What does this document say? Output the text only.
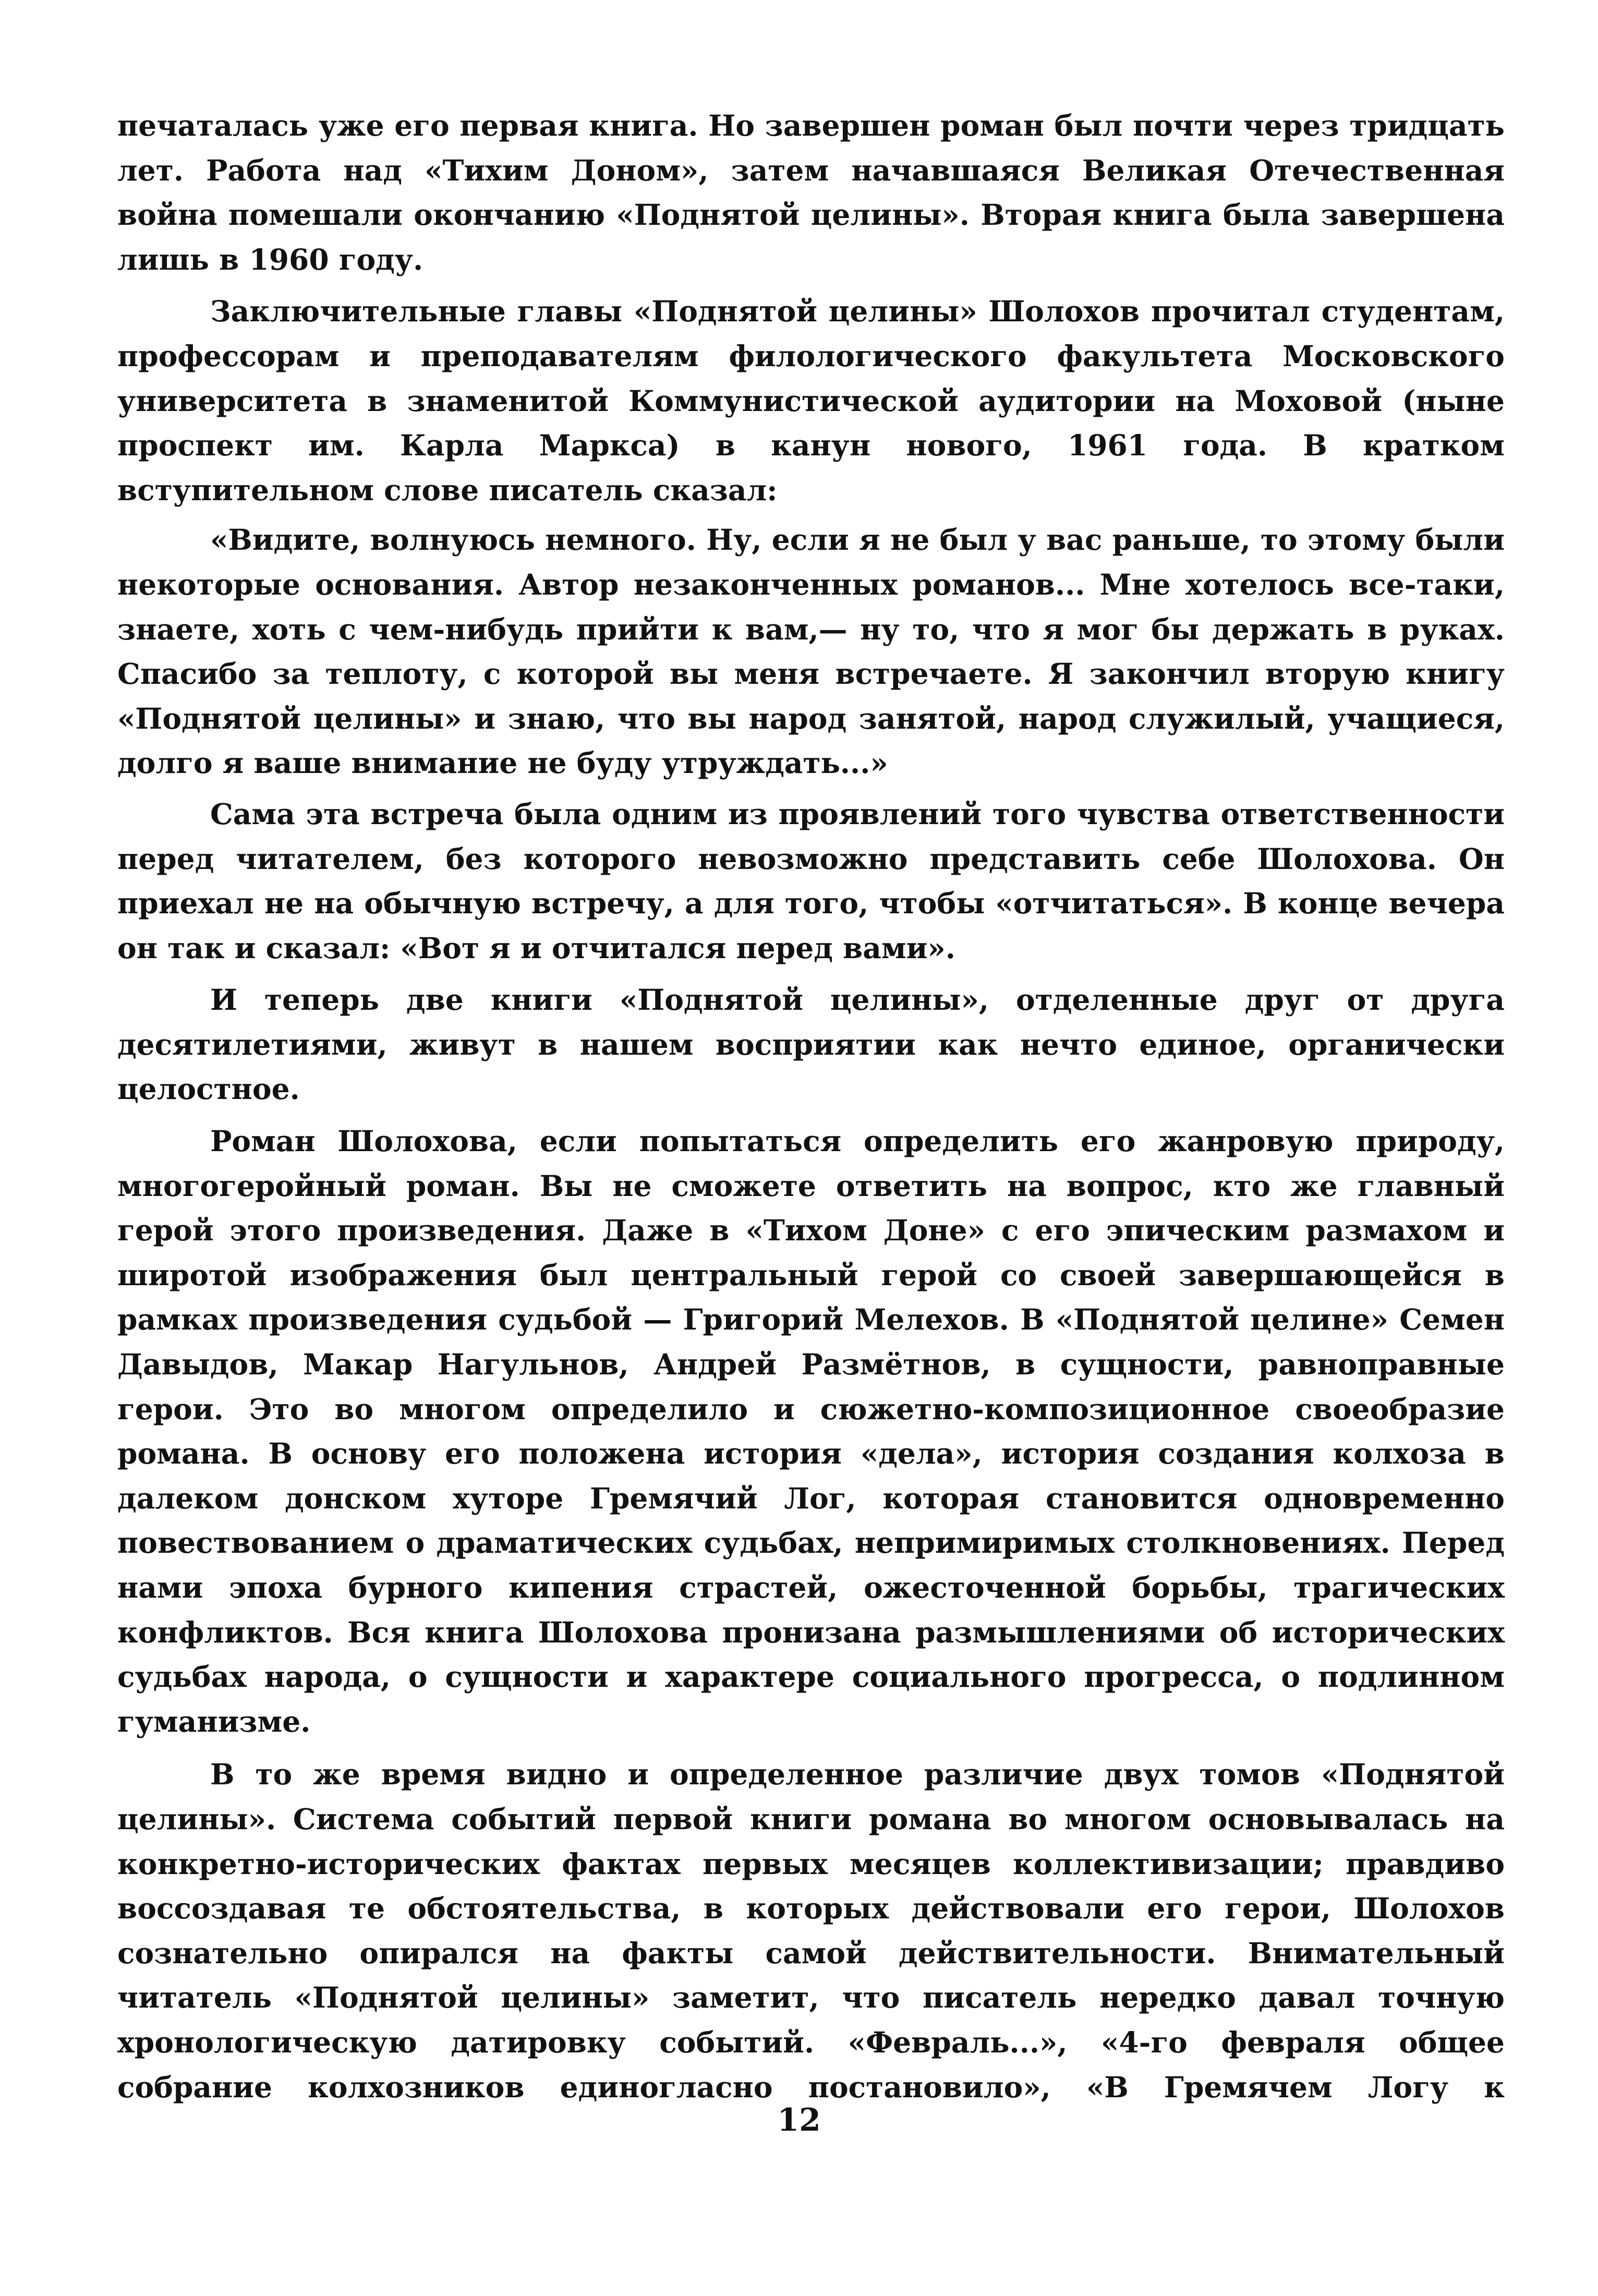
печаталась уже его первая книга. Но завершен роман был почти через тридцать лет. Работа над «Тихим Доном», затем начавшаяся Великая Отечественная война помешали окончанию «Поднятой целины». Вторая книга была завершена лишь в 1960 году.

Заключительные главы «Поднятой целины» Шолохов прочитал студентам, профессорам и преподавателям филологического факультета Московского университета в знаменитой Коммунистической аудитории на Моховой (ныне проспект им. Карла Маркса) в канун нового, 1961 года. В кратком вступительном слове писатель сказал:

«Видите, волнуюсь немного. Ну, если я не был у вас раньше, то этому были некоторые основания. Автор незаконченных романов... Мне хотелось все-таки, знаете, хоть с чем-нибудь прийти к вам,— ну то, что я мог бы держать в руках. Спасибо за теплоту, с которой вы меня встречаете. Я закончил вторую книгу «Поднятой целины» и знаю, что вы народ занятой, народ служилый, учащиеся, долго я ваше внимание не буду утруждать...»

Сама эта встреча была одним из проявлений того чувства ответственности перед читателем, без которого невозможно представить себе Шолохова. Он приехал не на обычную встречу, а для того, чтобы «отчитаться». В конце вечера он так и сказал: «Вот я и отчитался перед вами».

И теперь две книги «Поднятой целины», отделенные друг от друга десятилетиями, живут в нашем восприятии как нечто единое, органически целостное.

Роман Шолохова, если попытаться определить его жанровую природу, многогеройный роман. Вы не сможете ответить на вопрос, кто же главный герой этого произведения. Даже в «Тихом Доне» с его эпическим размахом и широтой изображения был центральный герой со своей завершающейся в рамках произведения судьбой — Григорий Мелехов. В «Поднятой целине» Семен Давыдов, Макар Нагульнов, Андрей Размётнов, в сущности, равноправные герои. Это во многом определило и сюжетно-композиционное своеобразие романа. В основу его положена история «дела», история создания колхоза в далеком донском хуторе Гремячий Лог, которая становится одновременно повествованием о драматических судьбах, непримиримых столкновениях. Перед нами эпоха бурного кипения страстей, ожесточенной борьбы, трагических конфликтов. Вся книга Шолохова пронизана размышлениями об исторических судьбах народа, о сущности и характере социального прогресса, о подлинном гуманизме.

В то же время видно и определенное различие двух томов «Поднятой целины». Система событий первой книги романа во многом основывалась на конкретно-исторических фактах первых месяцев коллективизации; правдиво воссоздавая те обстоятельства, в которых действовали его герои, Шолохов сознательно опирался на факты самой действительности. Внимательный читатель «Поднятой целины» заметит, что писатель нередко давал точную хронологическую датировку событий. «Февраль...», «4-го февраля общее собрание колхозников единогласно постановило», «В Гремячем Логу к

12
